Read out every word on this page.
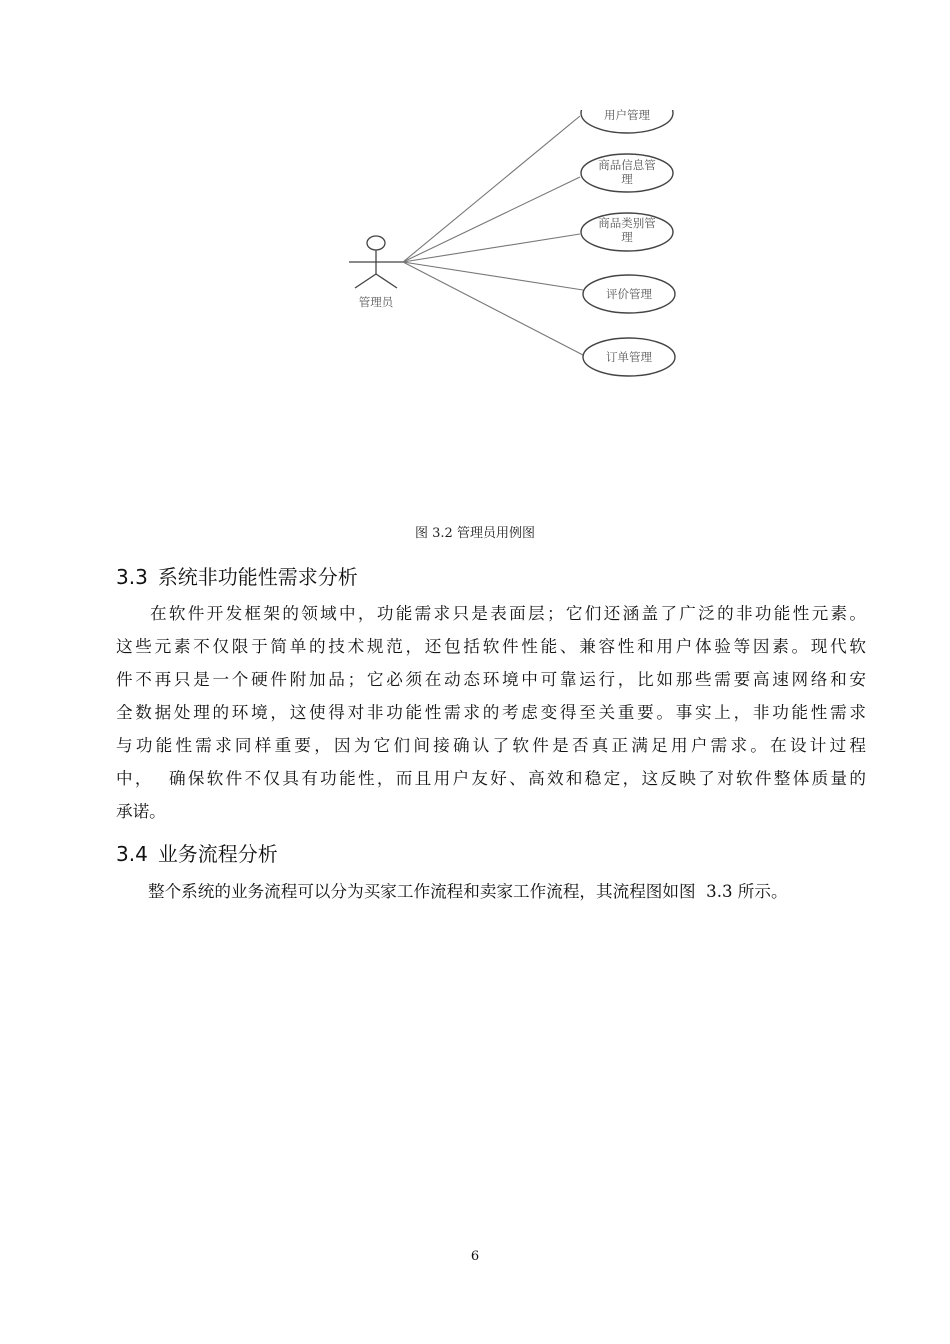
管理员
用户管理
商品信息管
理
商品类别管
理
评价管理
订单管理
图 3.2 管理员用例图
3.3 系统非功能性需求分析
在软件开发框架的领域中，功能需求只是表面层；它们还涵盖了广泛的非功能性元素。
这些元素不仅限于简单的技术规范，还包括软件性能、兼容性和用户体验等因素。现代软
件不再只是一个硬件附加品；它必须在动态环境中可靠运行，比如那些需要高速网络和安
全数据处理的环境，这使得对非功能性需求的考虑变得至关重要。事实上，非功能性需求
与功能性需求同样重要，因为它们间接确认了软件是否真正满足用户需求。在设计过程
中，  确保软件不仅具有功能性，而且用户友好、高效和稳定，这反映了对软件整体质量的
承诺。
3.4 业务流程分析
整个系统的业务流程可以分为买家工作流程和卖家工作流程，其流程图如图  3.3 所示。
6
